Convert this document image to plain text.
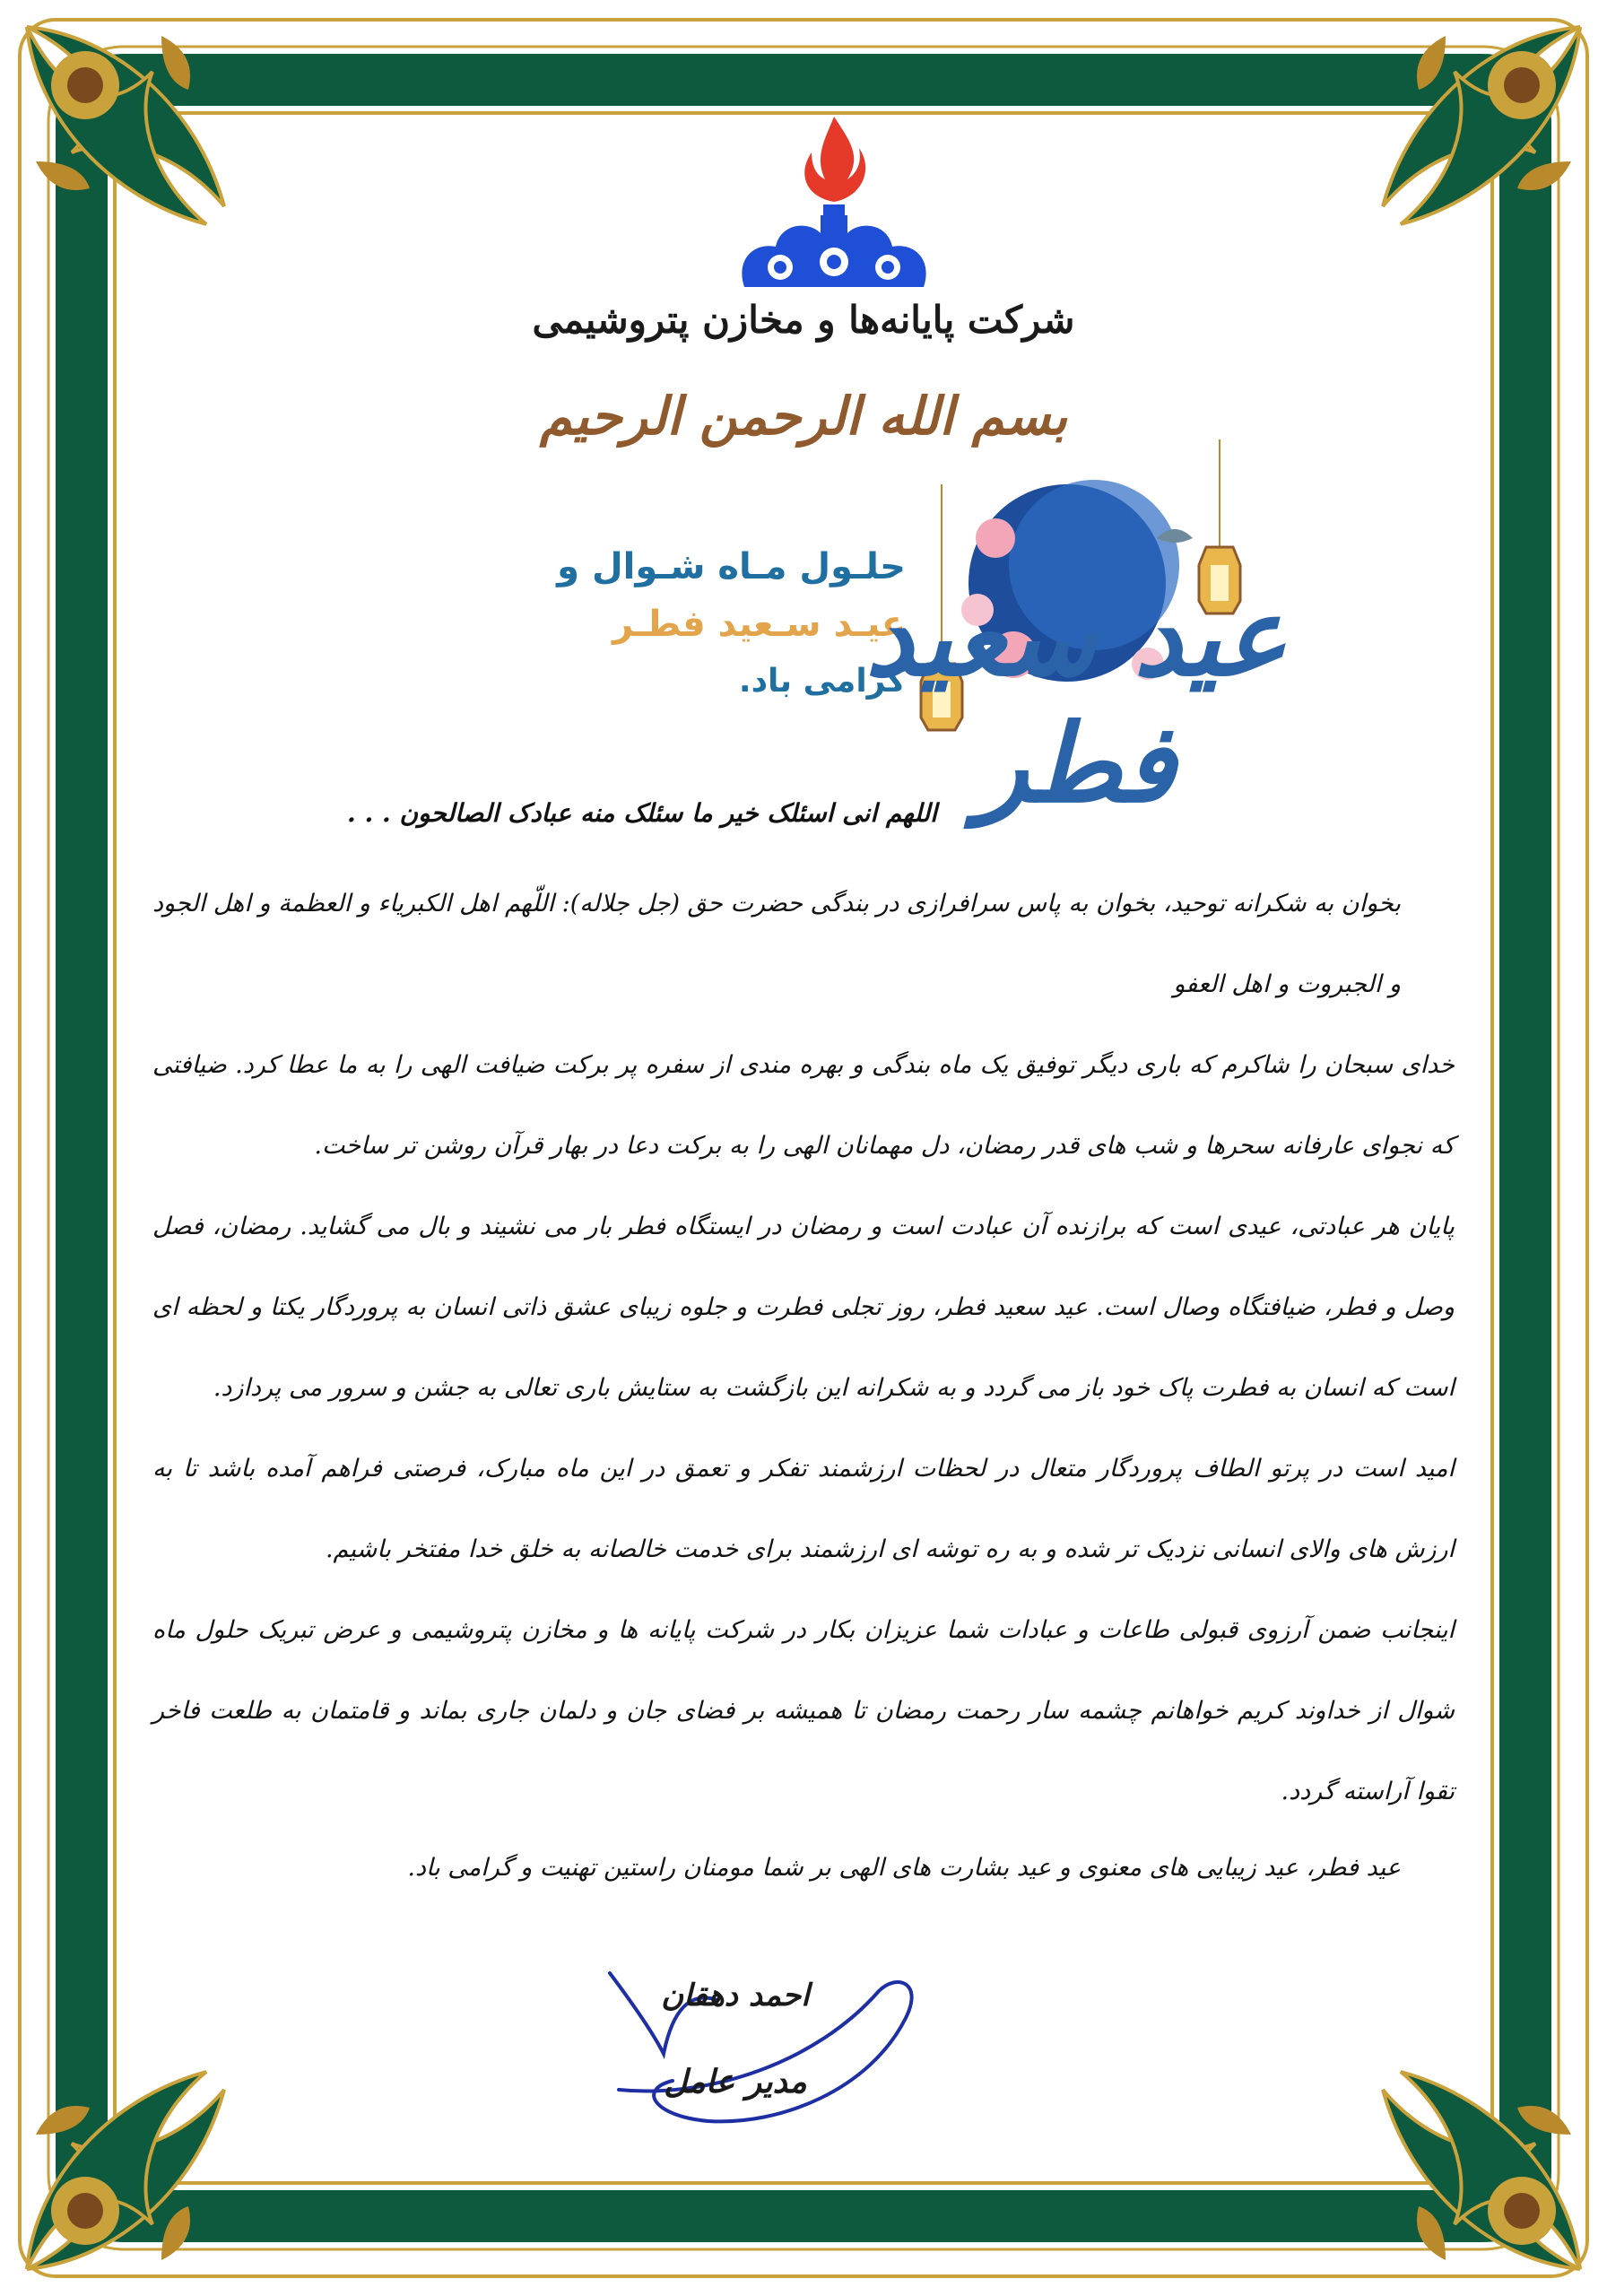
شرکت پایانه‌ها و مخازن پتروشیمی
بسم الله الرحمن الرحیم
حلـول مـاه شـوال و
عیـد سـعید فطـر
گرامی باد.
عید سعید فطر

اللهم انی اسئلک خیر ما سئلک منه عبادک الصالحون . . .

بخوان به شکرانه توحید، بخوان به پاس سرافرازی در بندگی حضرت حق (جل جلاله): اللّهم اهل الکبریاء و العظمة و اهل الجود و الجبروت و اهل العفو

خدای سبحان را شاکرم که باری دیگر توفیق یک ماه بندگی و بهره مندی از سفره پر برکت ضیافت الهی را به ما عطا کرد. ضیافتی که نجوای عارفانه سحرها و شب های قدر رمضان، دل مهمانان الهی را به برکت دعا در بهار قرآن روشن تر ساخت.

پایان هر عبادتی، عیدی است که برازنده آن عبادت است و رمضان در ایستگاه فطر بار می نشیند و بال می گشاید. رمضان، فصل وصل و فطر، ضیافتگاه وصال است. عید سعید فطر، روز تجلی فطرت و جلوه زیبای عشق ذاتی انسان به پروردگار یکتا و لحظه ای است که انسان به فطرت پاک خود باز می گردد و به شکرانه این بازگشت به ستایش باری تعالی به جشن و سرور می پردازد.

امید است در پرتو الطاف پروردگار متعال در لحظات ارزشمند تفکر و تعمق در این ماه مبارک، فرصتی فراهم آمده باشد تا به ارزش های والای انسانی نزدیک تر شده و به ره توشه ای ارزشمند برای خدمت خالصانه به خلق خدا مفتخر باشیم.

اینجانب ضمن آرزوی قبولی طاعات و عبادات شما عزیزان بکار در شرکت پایانه ها و مخازن پتروشیمی و عرض تبریک حلول ماه شوال از خداوند کریم خواهانم چشمه سار رحمت رمضان تا همیشه بر فضای جان و دلمان جاری بماند و قامتمان به طلعت فاخر تقوا آراسته گردد.

عید فطر، عید زیبایی های معنوی و عید بشارت های الهی بر شما مومنان راستین تهنیت و گرامی باد.

احمد دهقان
مدیر عامل
